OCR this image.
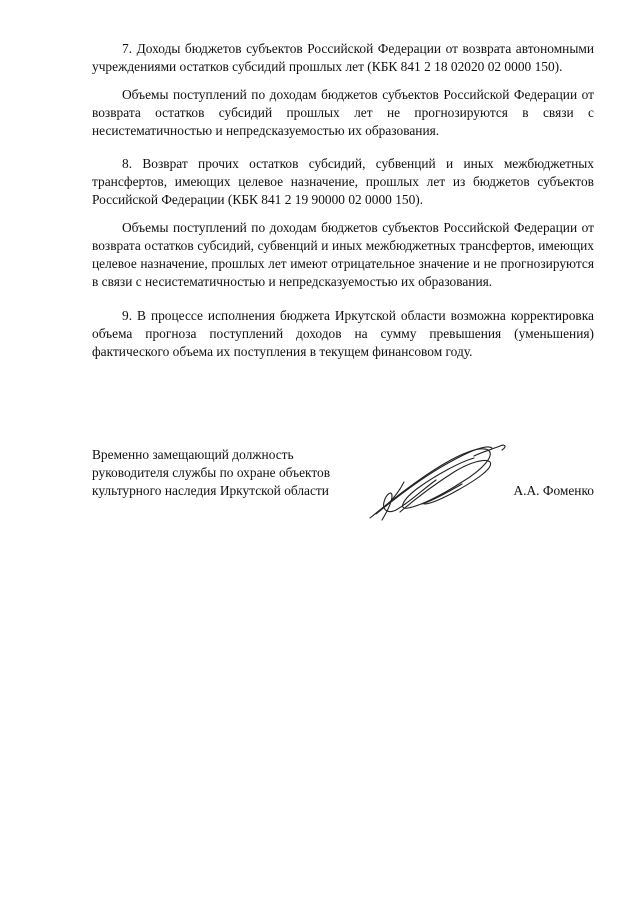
7. Доходы бюджетов субъектов Российской Федерации от возврата автономными учреждениями остатков субсидий прошлых лет (КБК 841 2 18 02020 02 0000 150).

Объемы поступлений по доходам бюджетов субъектов Российской Федерации от возврата остатков субсидий прошлых лет не прогнозируются в связи с несистематичностью и непредсказуемостью их образования.

8. Возврат прочих остатков субсидий, субвенций и иных межбюджетных трансфертов, имеющих целевое назначение, прошлых лет из бюджетов субъектов Российской Федерации (КБК 841 2 19 90000 02 0000 150).

Объемы поступлений по доходам бюджетов субъектов Российской Федерации от возврата остатков субсидий, субвенций и иных межбюджетных трансфертов, имеющих целевое назначение, прошлых лет имеют отрицательное значение и не прогнозируются в связи с несистематичностью и непредсказуемостью их образования.

9. В процессе исполнения бюджета Иркутской области возможна корректировка объема прогноза поступлений доходов на сумму превышения (уменьшения) фактического объема их поступления в текущем финансовом году.

Временно замещающий должность

руководителя службы по охране объектов

культурного наследия Иркутской области	А.А. Фоменко
